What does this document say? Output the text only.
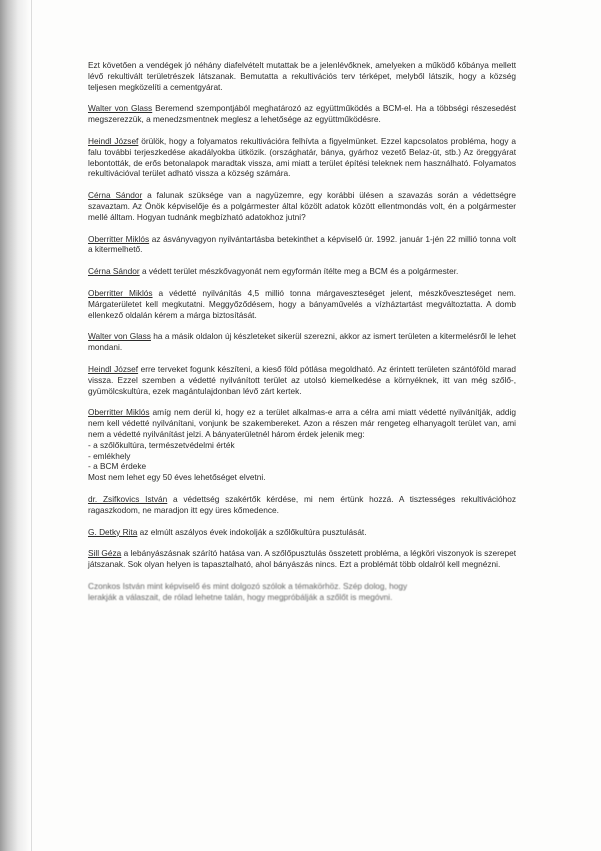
Ezt követően a vendégek jó néhány diafelvételt mutattak be a jelenlévőknek, amelyeken a működő kőbánya mellett lévő rekultivált területrészek látszanak. Bemutatta a rekultivációs terv térképet, melyből látszik, hogy a község teljesen megközelíti a cementgyárat.

Walter von Glass Beremend szempontjából meghatározó az együttműködés a BCM-el. Ha a többségi részesedést megszerezzük, a menedzsmentnek meglesz a lehetősége az együttműködésre.

Heindl József örülök, hogy a folyamatos rekultivációra felhívta a figyelmünket. Ezzel kapcsolatos probléma, hogy a falu további terjeszkedése akadályokba ütközik. (országhatár, bánya, gyárhoz vezető Belaz-út, stb.) Az öreggyárat lebontották, de erős betonalapok maradtak vissza, ami miatt a terület építési teleknek nem használható. Folyamatos rekultivációval terület adható vissza a község számára.

Cérna Sándor a falunak szüksége van a nagyüzemre, egy korábbi ülésen a szavazás során a védettségre szavaztam. Az Önök képviselője és a polgármester által közölt adatok között ellentmondás volt, én a polgármester mellé álltam. Hogyan tudnánk megbízható adatokhoz jutni?

Oberritter Miklós az ásványvagyon nyilvántartásba betekinthet a képviselő úr. 1992. január 1-jén 22 millió tonna volt a kitermelhető.

Cérna Sándor a védett terület mészkővagyonát nem egyformán ítélte meg a BCM és a polgármester.

Oberritter Miklós a védetté nyilvánítás 4,5 millió tonna márgaveszteséget jelent, mészkőveszteséget nem. Márgaterületet kell megkutatni. Meggyőződésem, hogy a bányaművelés a vízháztartást megváltoztatta. A domb ellenkező oldalán kérem a márga biztosítását.

Walter von Glass ha a másik oldalon új készleteket sikerül szerezni, akkor az ismert területen a kitermelésről le lehet mondani.

Heindl József erre terveket fogunk készíteni, a kieső föld pótlása megoldható. Az érintett területen szántóföld marad vissza. Ezzel szemben a védetté nyilvánított terület az utolsó kiemelkedése a környéknek, itt van még szőlő-, gyümölcskultúra, ezek magántulajdonban lévő zárt kertek.

Oberritter Miklós amíg nem derül ki, hogy ez a terület alkalmas-e arra a célra ami miatt védetté nyilvánítják, addig nem kell védetté nyilvánítani, vonjunk be szakembereket. Azon a részen már rengeteg elhanyagolt terület van, ami nem a védetté nyilvánítást jelzi. A bányaterületnél három érdek jelenik meg:
- a szőlőkultúra, természetvédelmi érték
- emlékhely
- a BCM érdeke
Most nem lehet egy 50 éves lehetőséget elvetni.

dr. Zsifkovics István a védettség szakértők kérdése, mi nem értünk hozzá. A tisztességes rekultivációhoz ragaszkodom, ne maradjon itt egy üres kőmedence.

G. Detky Rita az elmúlt aszályos évek indokolják a szőlőkultúra pusztulását.

Sill Géza a lebányászásnak szárító hatása van. A szőlőpusztulás összetett probléma, a légköri viszonyok is szerepet játszanak. Sok olyan helyen is tapasztalható, ahol bányászás nincs. Ezt a problémát több oldalról kell megnézni.

Czonkos István mint képviselő és mint dolgozó szólok a témakörhöz. Szép dolog, hogy
lerakják a válaszait, de rólad lehetne talán, hogy megpróbálják a szőlőt is megóvni.
